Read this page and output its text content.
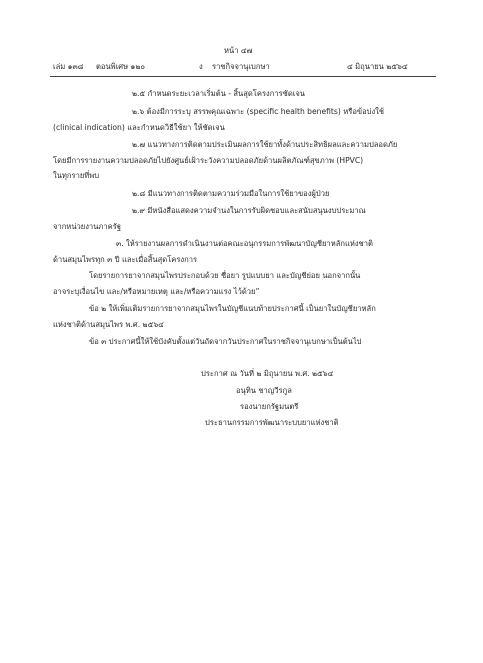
หน้า ๔๗
เล่ม ๑๓๘ ตอนพิเศษ ๑๒๐	ง ราชกิจจานุเบกษา	๔ มิถุนายน ๒๕๖๔
๒.๕ กำหนดระยะเวลาเริ่มต้น - สิ้นสุดโครงการชัดเจน
๒.๖ ต้องมีการระบุ สรรพคุณเฉพาะ (specific health benefits) หรือข้อบ่งใช้
(clinical indication) และกำหนดวิธีใช้ยา ให้ชัดเจน
๒.๗ แนวทางการติดตามประเมินผลการใช้ยาทั้งด้านประสิทธิผลและความปลอดภัย
โดยมีการรายงานความปลอดภัยไปยังศูนย์เฝ้าระวังความปลอดภัยด้านผลิตภัณฑ์สุขภาพ (HPVC)
ในทุกรายที่พบ
๒.๘ มีแนวทางการติดตามความร่วมมือในการใช้ยาของผู้ป่วย
๒.๙ มีหนังสือแสดงความจำนงในการรับผิดชอบและสนับสนุนงบประมาณ
จากหน่วยงานภาครัฐ
๓. ให้รายงานผลการดำเนินงานต่อคณะอนุกรรมการพัฒนาบัญชียาหลักแห่งชาติ
ด้านสมุนไพรทุก ๓ ปี และเมื่อสิ้นสุดโครงการ
โดยรายการยาจากสมุนไพรประกอบด้วย ชื่อยา รูปแบบยา และบัญชีย่อย นอกจากนั้น
อาจระบุเงื่อนไข และ/หรือหมายเหตุ และ/หรือความแรง ไว้ด้วย”
ข้อ ๒ ให้เพิ่มเติมรายการยาจากสมุนไพรในบัญชีแนบท้ายประกาศนี้ เป็นยาในบัญชียาหลัก
แห่งชาติด้านสมุนไพร พ.ศ. ๒๕๖๔
ข้อ ๓ ประกาศนี้ให้ใช้บังคับตั้งแต่วันถัดจากวันประกาศในราชกิจจานุเบกษาเป็นต้นไป
ประกาศ ณ วันที่ ๒ มิถุนายน พ.ศ. ๒๕๖๔
อนุทิน ชาญวีรกูล
รองนายกรัฐมนตรี
ประธานกรรมการพัฒนาระบบยาแห่งชาติ
